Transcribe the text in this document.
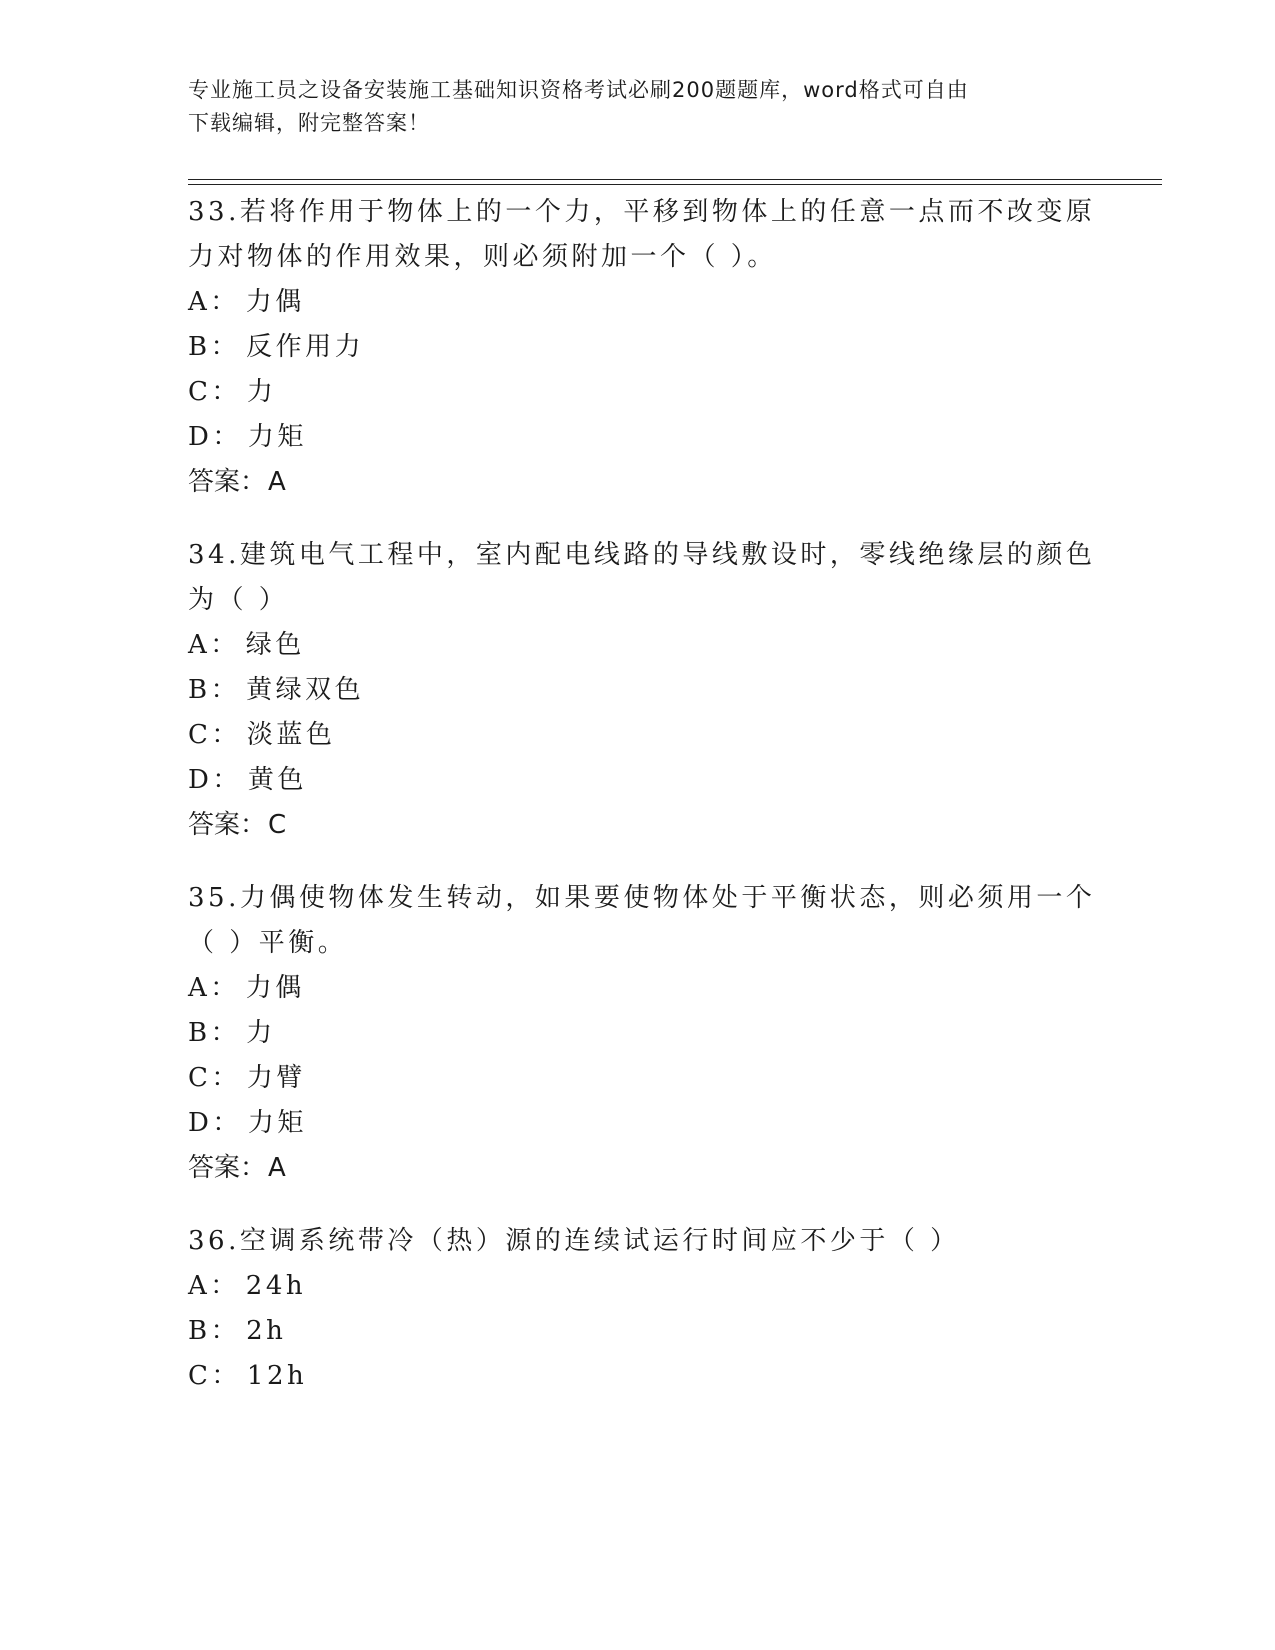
专业施工员之设备安装施工基础知识资格考试必刷200题题库，word格式可自由
下载编辑，附完整答案！
33.若将作用于物体上的一个力，平移到物体上的任意一点而不改变原
力对物体的作用效果，则必须附加一个（ ）。
A： 力偶
B： 反作用力
C： 力
D： 力矩
答案：A
34.建筑电气工程中，室内配电线路的导线敷设时，零线绝缘层的颜色
为（ ）
A： 绿色
B： 黄绿双色
C： 淡蓝色
D： 黄色
答案：C
35.力偶使物体发生转动，如果要使物体处于平衡状态，则必须用一个
（ ）平衡。
A： 力偶
B： 力
C： 力臂
D： 力矩
答案：A
36.空调系统带冷（热）源的连续试运行时间应不少于（ ）
A： 24h
B： 2h
C： 12h
